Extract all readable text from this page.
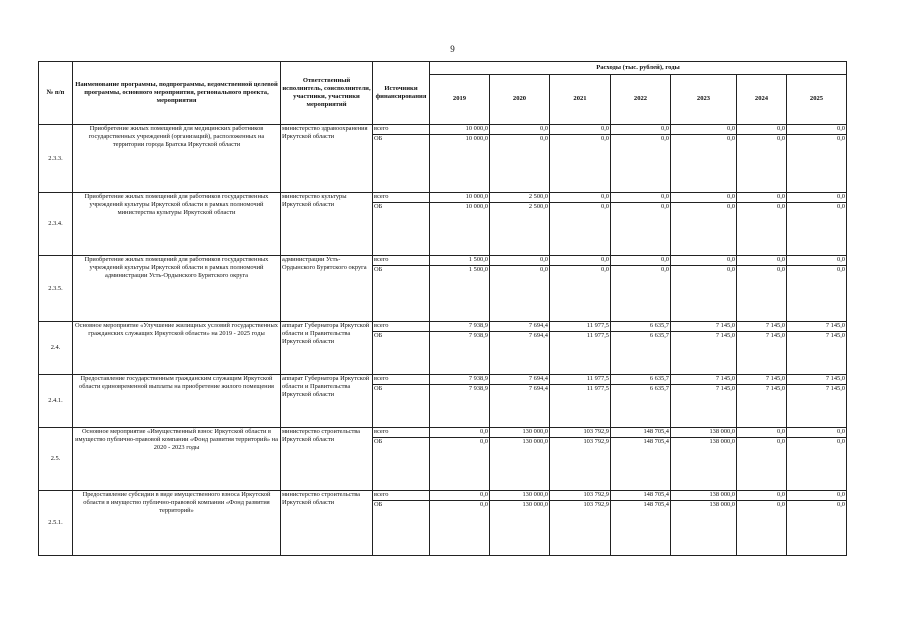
9
№ п/п	Наименование программы, подпрограммы, ведомственной целевой программы, основного мероприятия, регионального проекта, мероприятия	Ответственный исполнитель, соисполнители, участники, участники мероприятий	Источники финансирования	Расходы (тыс. рублей), годы						
				2019	2020	2021	2022	2023	2024	2025
2.3.3.	Приобретение жилых помещений для медицинских работников государственных учреждений (организаций), расположенных на территории города Братска Иркутской области	министерство здравоохранения Иркутской области	всего	10 000,0	0,0	0,0	0,0	0,0	0,0	0,0
			ОБ	10 000,0	0,0	0,0	0,0	0,0	0,0	0,0
2.3.4.	Приобретение жилых помещений для работников государственных учреждений культуры Иркутской области в рамках полномочий министерства культуры Иркутской области	министерство культуры Иркутской области	всего	10 000,0	2 500,0	0,0	0,0	0,0	0,0	0,0
			ОБ	10 000,0	2 500,0	0,0	0,0	0,0	0,0	0,0
2.3.5.	Приобретение жилых помещений для работников государственных учреждений культуры Иркутской области в рамках полномочий администрации Усть-Ордынского Бурятского округа	администрации Усть-Ордынского Бурятского округа	всего	1 500,0	0,0	0,0	0,0	0,0	0,0	0,0
			ОБ	1 500,0	0,0	0,0	0,0	0,0	0,0	0,0
2.4.	Основное мероприятие «Улучшение жилищных условий государственных гражданских служащих Иркутской области» на 2019 - 2025 годы	аппарат Губернатора Иркутской области и Правительства Иркутской области	всего	7 938,9	7 694,4	11 977,5	6 635,7	7 145,0	7 145,0	7 145,0
			ОБ	7 938,9	7 694,4	11 977,5	6 635,7	7 145,0	7 145,0	7 145,0
2.4.1.	Предоставление государственным гражданским служащим Иркутской области единовременной выплаты на приобретение жилого помещения	аппарат Губернатора Иркутской области и Правительства Иркутской области	всего	7 938,9	7 694,4	11 977,5	6 635,7	7 145,0	7 145,0	7 145,0
			ОБ	7 938,9	7 694,4	11 977,5	6 635,7	7 145,0	7 145,0	7 145,0
2.5.	Основное мероприятие «Имущественный взнос Иркутской области в имущество публично-правовой компании «Фонд развития территорий» на 2020 - 2023 годы	министерство строительства Иркутской области	всего	0,0	130 000,0	103 792,9	148 705,4	138 000,0	0,0	0,0
			ОБ	0,0	130 000,0	103 792,9	148 705,4	138 000,0	0,0	0,0
2.5.1.	Предоставление субсидии в виде имущественного взноса Иркутской области в имущество публично-правовой компании «Фонд развития территорий»	министерство строительства Иркутской области	всего	0,0	130 000,0	103 792,9	148 705,4	138 000,0	0,0	0,0
			ОБ	0,0	130 000,0	103 792,9	148 705,4	138 000,0	0,0	0,0
